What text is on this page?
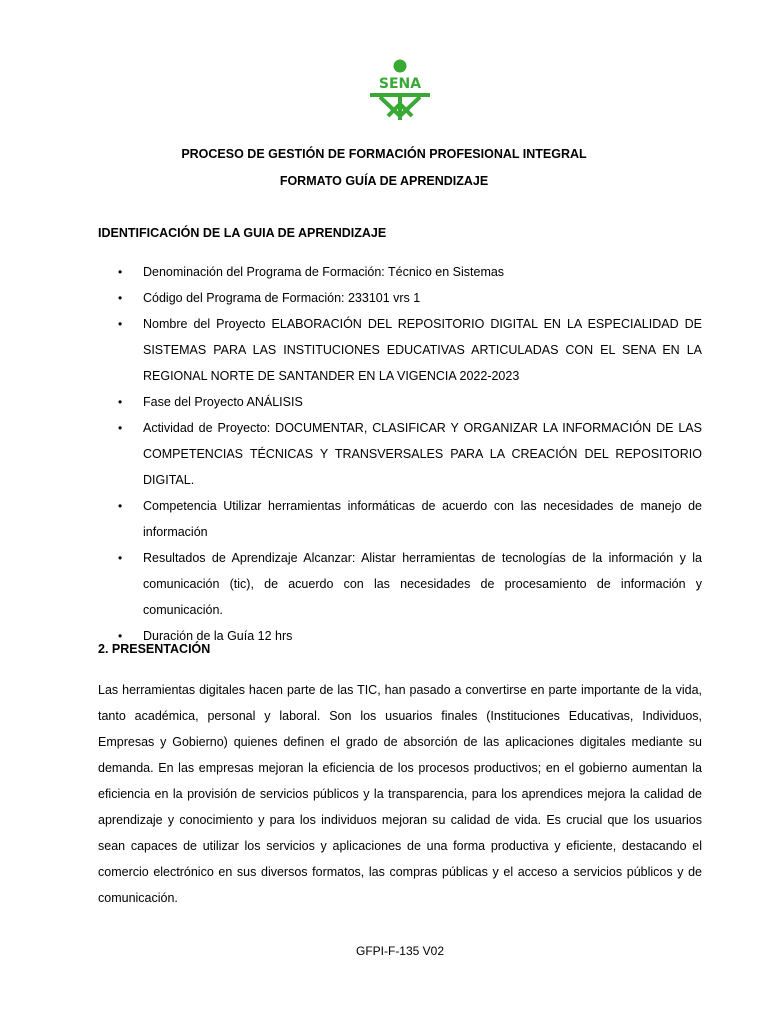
SENA
PROCESO DE GESTIÓN DE FORMACIÓN PROFESIONAL INTEGRAL
FORMATO GUÍA DE APRENDIZAJE
IDENTIFICACIÓN DE LA GUIA DE APRENDIZAJE
• Denominación del Programa de Formación: Técnico en Sistemas
• Código del Programa de Formación: 233101 vrs 1
• Nombre del Proyecto ELABORACIÓN DEL REPOSITORIO DIGITAL EN LA ESPECIALIDAD DE SISTEMAS PARA LAS INSTITUCIONES EDUCATIVAS ARTICULADAS CON EL SENA EN LA REGIONAL NORTE DE SANTANDER EN LA VIGENCIA 2022-2023
• Fase del Proyecto ANÁLISIS
• Actividad de Proyecto: DOCUMENTAR, CLASIFICAR Y ORGANIZAR LA INFORMACIÓN DE LAS COMPETENCIAS TÉCNICAS Y TRANSVERSALES PARA LA CREACIÓN DEL REPOSITORIO DIGITAL.
• Competencia Utilizar herramientas informáticas de acuerdo con las necesidades de manejo de información
• Resultados de Aprendizaje Alcanzar: Alistar herramientas de tecnologías de la información y la comunicación (tic), de acuerdo con las necesidades de procesamiento de información y comunicación.
• Duración de la Guía 12 hrs
2. PRESENTACIÓN

Las herramientas digitales hacen parte de las TIC, han pasado a convertirse en parte importante de la vida, tanto académica, personal y laboral. Son los usuarios finales (Instituciones Educativas, Individuos, Empresas y Gobierno) quienes definen el grado de absorción de las aplicaciones digitales mediante su demanda. En las empresas mejoran la eficiencia de los procesos productivos; en el gobierno aumentan la eficiencia en la provisión de servicios públicos y la transparencia, para los aprendices mejora la calidad de aprendizaje y conocimiento y para los individuos mejoran su calidad de vida. Es crucial que los usuarios sean capaces de utilizar los servicios y aplicaciones de una forma productiva y eficiente, destacando el comercio electrónico en sus diversos formatos, las compras públicas y el acceso a servicios públicos y de comunicación.

GFPI-F-135 V02
